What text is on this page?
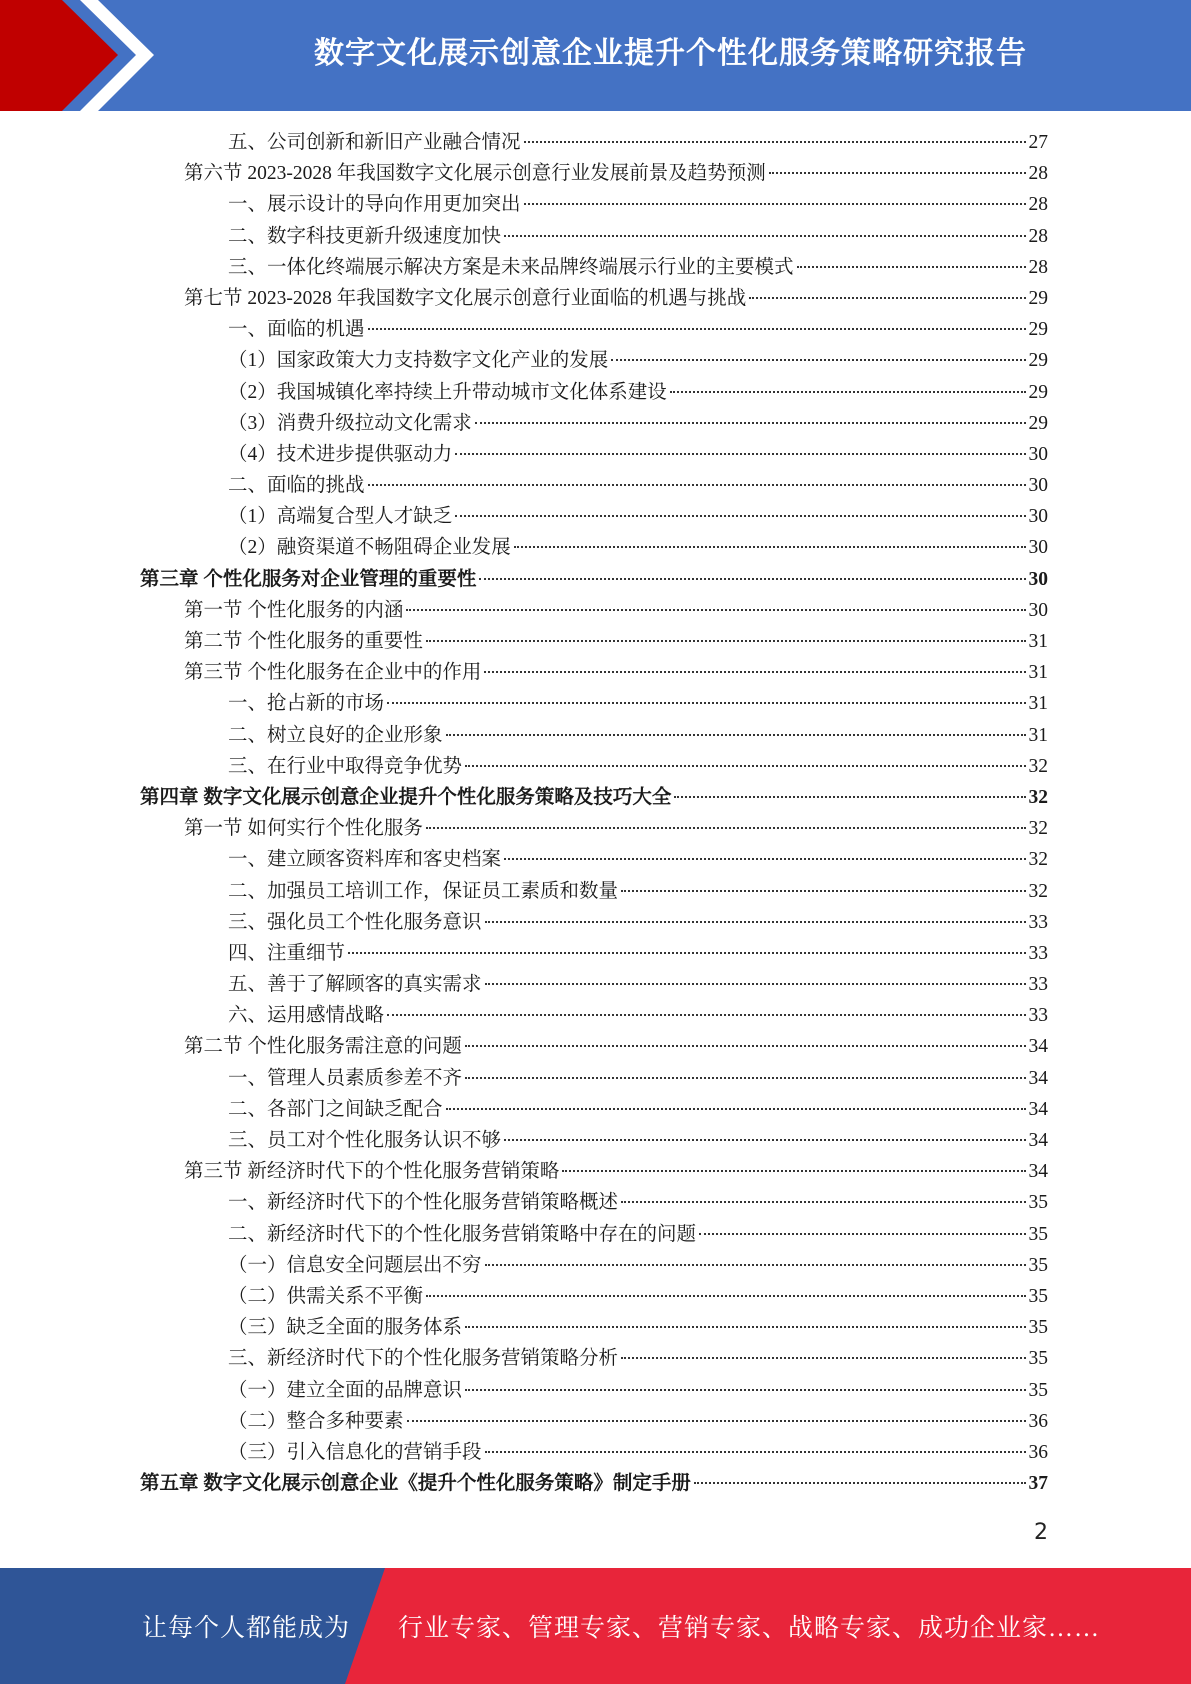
数字文化展示创意企业提升个性化服务策略研究报告
五、公司创新和新旧产业融合情况	27
第六节 2023-2028 年我国数字文化展示创意行业发展前景及趋势预测	28
一、展示设计的导向作用更加突出	28
二、数字科技更新升级速度加快	28
三、一体化终端展示解决方案是未来品牌终端展示行业的主要模式	28
第七节 2023-2028 年我国数字文化展示创意行业面临的机遇与挑战	29
一、面临的机遇	29
（1）国家政策大力支持数字文化产业的发展	29
（2）我国城镇化率持续上升带动城市文化体系建设	29
（3）消费升级拉动文化需求	29
（4）技术进步提供驱动力	30
二、面临的挑战	30
（1）高端复合型人才缺乏	30
（2）融资渠道不畅阻碍企业发展	30
第三章 个性化服务对企业管理的重要性	30
第一节 个性化服务的内涵	30
第二节 个性化服务的重要性	31
第三节 个性化服务在企业中的作用	31
一、抢占新的市场	31
二、树立良好的企业形象	31
三、在行业中取得竞争优势	32
第四章 数字文化展示创意企业提升个性化服务策略及技巧大全	32
第一节 如何实行个性化服务	32
一、建立顾客资料库和客史档案	32
二、加强员工培训工作，保证员工素质和数量	32
三、强化员工个性化服务意识	33
四、注重细节	33
五、善于了解顾客的真实需求	33
六、运用感情战略	33
第二节 个性化服务需注意的问题	34
一、管理人员素质参差不齐	34
二、各部门之间缺乏配合	34
三、员工对个性化服务认识不够	34
第三节 新经济时代下的个性化服务营销策略	34
一、新经济时代下的个性化服务营销策略概述	35
二、新经济时代下的个性化服务营销策略中存在的问题	35
（一）信息安全问题层出不穷	35
（二）供需关系不平衡	35
（三）缺乏全面的服务体系	35
三、新经济时代下的个性化服务营销策略分析	35
（一）建立全面的品牌意识	35
（二）整合多种要素	36
（三）引入信息化的营销手段	36
第五章 数字文化展示创意企业《提升个性化服务策略》制定手册	37
2
让每个人都能成为 行业专家、管理专家、营销专家、战略专家、成功企业家……
